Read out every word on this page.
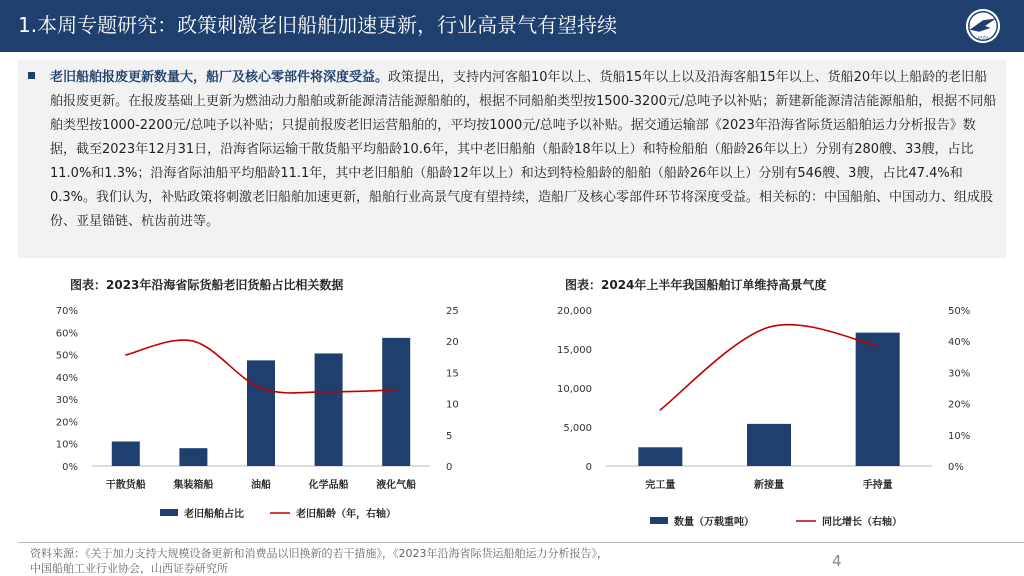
1.本周专题研究：政策刺激老旧船舶加速更新，行业高景气有望持续	SXZQ
老旧船舶报废更新数量大，船厂及核心零部件将深度受益。政策提出，支持内河客船10年以上、货船15年以上以及沿海客船15年以上、货船20年以上船龄的老旧船舶报废更新。在报废基础上更新为燃油动力船舶或新能源清洁能源船舶的，根据不同船舶类型按1500-3200元/总吨予以补贴；新建新能源清洁能源船舶，根据不同船舶类型按1000-2200元/总吨予以补贴；只提前报废老旧运营船舶的，平均按1000元/总吨予以补贴。据交通运输部《2023年沿海省际货运船舶运力分析报告》数据，截至2023年12月31日，沿海省际运输干散货船平均船龄10.6年，其中老旧船舶（船龄18年以上）和特检船舶（船龄26年以上）分别有280艘、33艘，占比11.0%和1.3%；沿海省际油船平均船龄11.1年，其中老旧船舶（船龄12年以上）和达到特检船龄的船舶（船龄26年以上）分别有546艘、3艘，占比47.4%和0.3%。我们认为，补贴政策将刺激老旧船舶加速更新，船舶行业高景气度有望持续，造船厂及核心零部件环节将深度受益。相关标的：中国船舶、中国动力、组成股份、亚星锚链、杭齿前进等。
图表：2023年沿海省际货船老旧货船占比相关数据
0%
10%
20%
30%
40%
50%
60%
70%
0
5
10
15
20
25
干散货船	集装箱船	油船	化学品船	液化气船
老旧船舶占比	老旧船龄（年，右轴）
图表：2024年上半年我国船舶订单维持高景气度
0
5,000
10,000
15,000
20,000
0%
10%
20%
30%
40%
50%
完工量	新接量	手持量
数量（万载重吨）	同比增长（右轴）
资料来源：《关于加力支持大规模设备更新和消费品以旧换新的若干措施》，《2023年沿海省际货运船舶运力分析报告》，
中国船舶工业行业协会，山西证券研究所	4
